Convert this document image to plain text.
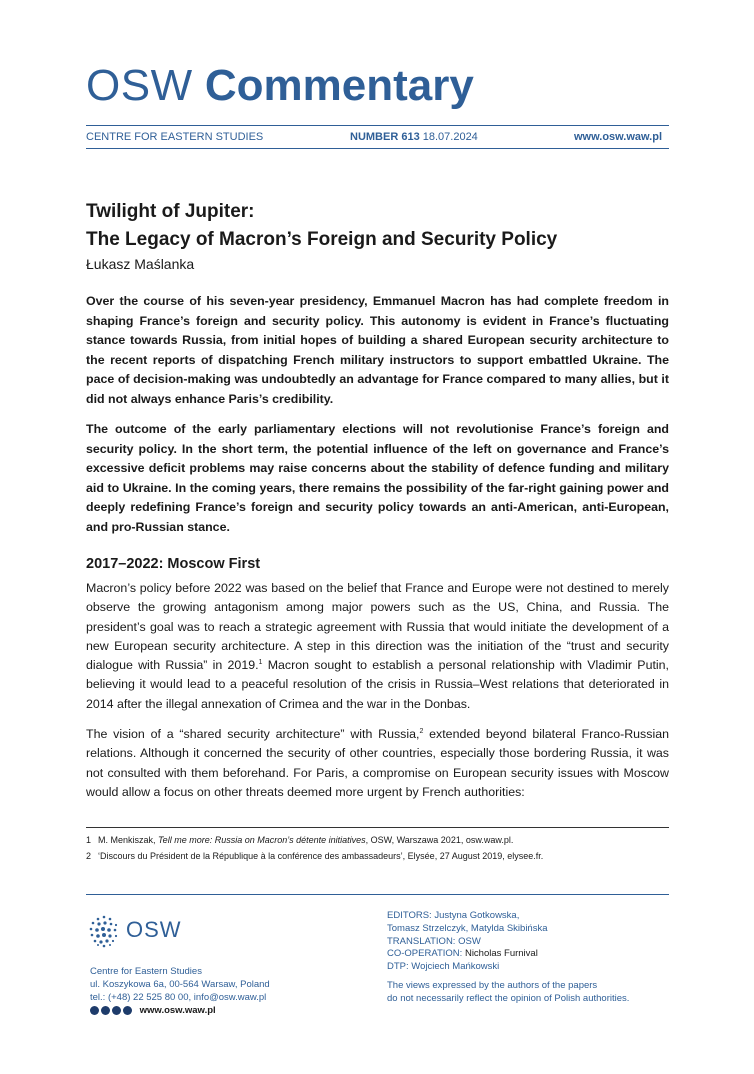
OSW Commentary
CENTRE FOR EASTERN STUDIES	NUMBER 613 18.07.2024	www.osw.waw.pl
Twilight of Jupiter:
The Legacy of Macron’s Foreign and Security Policy
Łukasz Maślanka
Over the course of his seven-year presidency, Emmanuel Macron has had complete freedom in shaping France’s foreign and security policy. This autonomy is evident in France’s fluctuating stance towards Russia, from initial hopes of building a shared European security architecture to the recent reports of dispatching French military instructors to support embattled Ukraine. The pace of decision-making was undoubtedly an advantage for France compared to many allies, but it did not always enhance Paris’s credibility.
The outcome of the early parliamentary elections will not revolutionise France’s foreign and security policy. In the short term, the potential influence of the left on governance and France’s excessive deficit problems may raise concerns about the stability of defence funding and military aid to Ukraine. In the coming years, there remains the possibility of the far-right gaining power and deeply redefining France’s foreign and security policy towards an anti-American, anti-European, and pro-Russian stance.
2017–2022: Moscow First
Macron’s policy before 2022 was based on the belief that France and Europe were not destined to merely observe the growing antagonism among major powers such as the US, China, and Russia. The president’s goal was to reach a strategic agreement with Russia that would initiate the development of a new European security architecture. A step in this direction was the initiation of the “trust and security dialogue with Russia” in 2019.$^1$ Macron sought to establish a personal relationship with Vladimir Putin, believing it would lead to a peaceful resolution of the crisis in Russia–West relations that deteriorated in 2014 after the illegal annexation of Crimea and the war in the Donbas.
The vision of a “shared security architecture” with Russia,$^2$ extended beyond bilateral Franco-Russian relations. Although it concerned the security of other countries, especially those bordering Russia, it was not consulted with them beforehand. For Paris, a compromise on European security issues with Moscow would allow a focus on other threats deemed more urgent by French authorities:
1 M. Menkiszak, Tell me more: Russia on Macron’s détente initiatives, OSW, Warszawa 2021, osw.waw.pl.
2 ‘Discours du Président de la République à la conférence des ambassadeurs’, Elysée, 27 August 2019, elysee.fr.
OSW
Centre for Eastern Studies
ul. Koszykowa 6a, 00-564 Warsaw, Poland
tel.: (+48) 22 525 80 00, info@osw.waw.pl
www.osw.waw.pl
EDITORS: Justyna Gotkowska,
Tomasz Strzelczyk, Matylda Skibińska
TRANSLATION: OSW
CO-OPERATION: Nicholas Furnival
DTP: Wojciech Mańkowski
The views expressed by the authors of the papers
do not necessarily reflect the opinion of Polish authorities.
